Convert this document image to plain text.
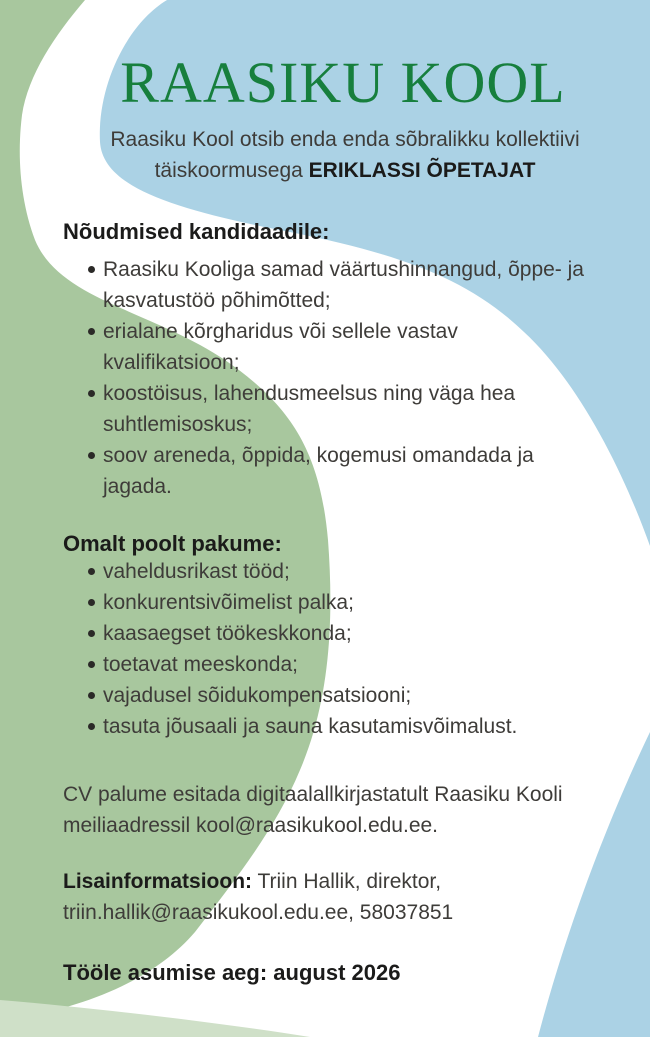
RAASIKU KOOL
Raasiku Kool otsib enda enda sõbralikku kollektiivi
täiskoormusega ERIKLASSI ÕPETAJAT
Nõudmised kandidaadile:
Raasiku Kooliga samad väärtushinnangud, õppe- ja
kasvatustöö põhimõtted;
erialane kõrgharidus või sellele vastav
kvalifikatsioon;
koostöisus, lahendusmeelsus ning väga hea
suhtlemisoskus;
soov areneda, õppida, kogemusi omandada ja
jagada.
Omalt poolt pakume:
vaheldusrikast tööd;
konkurentsivõimelist palka;
kaasaegset töökeskkonda;
toetavat meeskonda;
vajadusel sõidukompensatsiooni;
tasuta jõusaali ja sauna kasutamisvõimalust.
CV palume esitada digitaalallkirjastatult Raasiku Kooli
meiliaadressil kool@raasikukool.edu.ee.
Lisainformatsioon: Triin Hallik, direktor,
triin.hallik@raasikukool.edu.ee, 58037851
Tööle asumise aeg: august 2026
